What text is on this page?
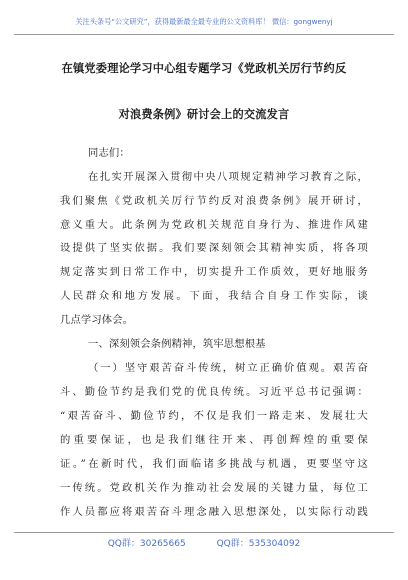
关注头条号“公文研究”，获得最新最全最专业的公文资料库！ 微信：gongwenyj
在镇党委理论学习中心组专题学习《党政机关厉行节约反
对浪费条例》研讨会上的交流发言
同志们：
在扎实开展深入贯彻中央八项规定精神学习教育之际，
我们聚焦《党政机关厉行节约反对浪费条例》展开研讨，
意义重大。此条例为党政机关规范自身行为、推进作风建
设提供了坚实依据。我们要深刻领会其精神实质，将各项
规定落实到日常工作中，切实提升工作质效，更好地服务
人民群众和地方发展。下面，我结合自身工作实际，谈
几点学习体会。
一、深刻领会条例精神，筑牢思想根基
（一）坚守艰苦奋斗传统，树立正确价值观。艰苦奋
斗、勤俭节约是我们党的优良传统。习近平总书记强调：
“艰苦奋斗、勤俭节约，不仅是我们一路走来、发展壮大
的重要保证，也是我们继往开来、再创辉煌的重要保
证。”在新时代，我们面临诸多挑战与机遇，更要坚守这
一传统。党政机关作为推动社会发展的关键力量，每位工
作人员都应将艰苦奋斗理念融入思想深处，以实际行动践
QQ群：30265665	QQ群：535304092
